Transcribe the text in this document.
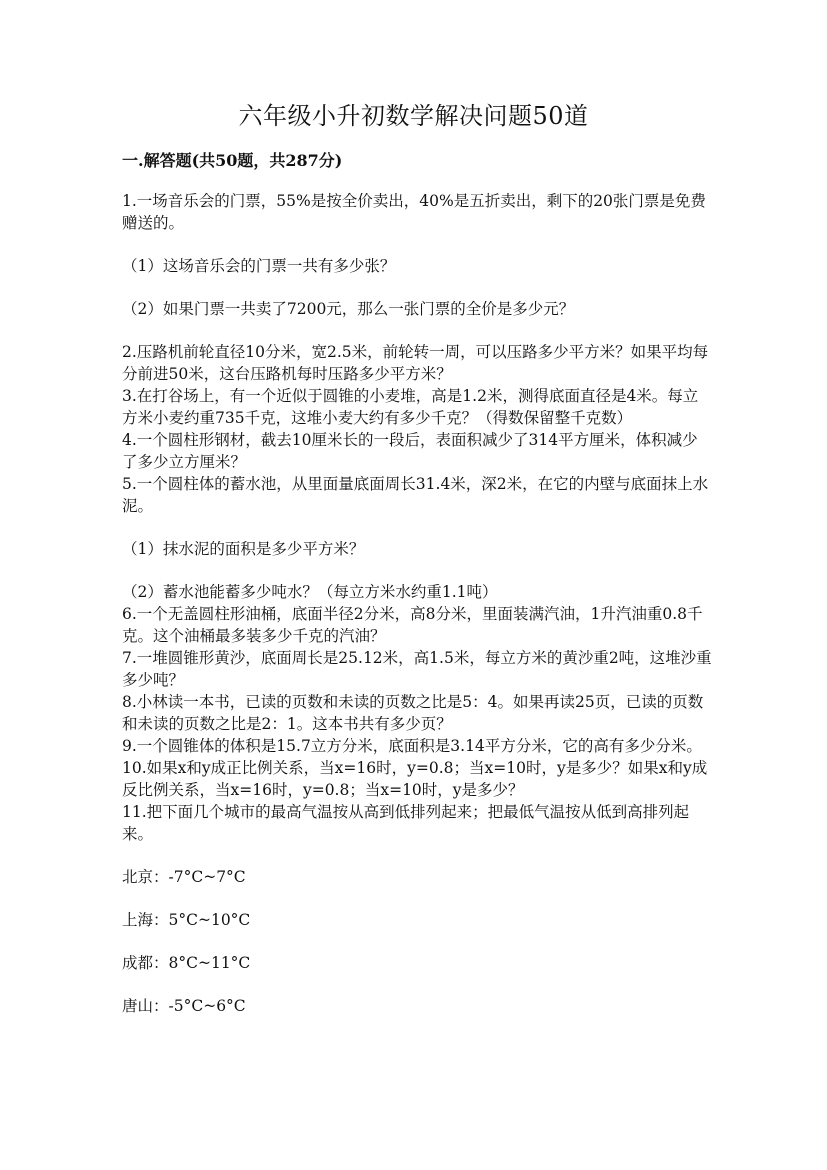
六年级小升初数学解决问题50道
一.解答题(共50题，共287分)

1.一场音乐会的门票，55%是按全价卖出，40%是五折卖出，剩下的20张门票是免费赠送的。

（1）这场音乐会的门票一共有多少张？

（2）如果门票一共卖了7200元，那么一张门票的全价是多少元？

2.压路机前轮直径10分米，宽2.5米，前轮转一周，可以压路多少平方米？如果平均每分前进50米，这台压路机每时压路多少平方米？

3.在打谷场上，有一个近似于圆锥的小麦堆，高是1.2米，测得底面直径是4米。每立方米小麦约重735千克，这堆小麦大约有多少千克？（得数保留整千克数）

4.一个圆柱形钢材，截去10厘米长的一段后，表面积减少了314平方厘米，体积减少了多少立方厘米？

5.一个圆柱体的蓄水池，从里面量底面周长31.4米，深2米，在它的内壁与底面抹上水泥。

（1）抹水泥的面积是多少平方米？

（2）蓄水池能蓄多少吨水？（每立方米水约重1.1吨）

6.一个无盖圆柱形油桶，底面半径2分米，高8分米，里面装满汽油，1升汽油重0.8千克。这个油桶最多装多少千克的汽油？

7.一堆圆锥形黄沙，底面周长是25.12米，高1.5米，每立方米的黄沙重2吨，这堆沙重多少吨？

8.小林读一本书，已读的页数和未读的页数之比是5：4。如果再读25页，已读的页数和未读的页数之比是2：1。这本书共有多少页？

9.一个圆锥体的体积是15.7立方分米，底面积是3.14平方分米，它的高有多少分米。

10.如果x和y成正比例关系，当x=16时，y=0.8；当x=10时，y是多少？如果x和y成反比例关系，当x=16时，y=0.8；当x=10时，y是多少？

11.把下面几个城市的最高气温按从高到低排列起来；把最低气温按从低到高排列起来。

北京：-7°C~7°C

上海：5°C~10°C

成都：8°C~11°C

唐山：-5°C~6°C
